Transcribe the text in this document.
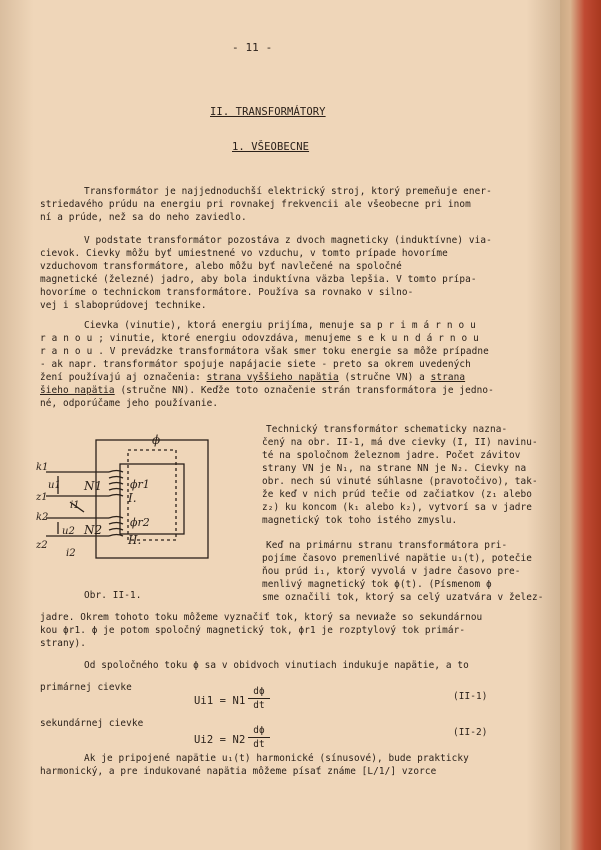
- 11 -
II. TRANSFORMÁTORY
1. VŠEOBECNE
Transformátor je najjednoduchší elektrický stroj, ktorý premeňuje ener-
striedavého prúdu na energiu pri rovnakej frekvencii ale všeobecne pri inom
ní a prúde, než sa do neho zaviedlo.
V podstate transformátor pozostáva z dvoch magneticky (induktívne) via-
cievok. Cievky môžu byť umiestnené vo vzduchu, v tomto prípade hovoríme
vzduchovom transformátore, alebo môžu byť navlečené na spoločné
magnetické (železné) jadro, aby bola induktívna väzba lepšia. V tomto prípa-
hovoríme o technickom transformátore. Používa sa rovnako v silno-
vej i slaboprúdovej technike.
Cievka (vinutie), ktorá energiu prijíma, menuje sa primárnou
ranou; vinutie, ktoré energiu odovzdáva, menujeme sekundárnou
ranou. V prevádzke transformátora však smer toku energie sa môže prípadne
- ak napr. transformátor spojuje napájacie siete - preto sa okrem uvedených
žení používajú aj označenia: strana vyššieho napätia (stručne VN) a strana
šieho napätia (stručne NN). Keďže toto označenie strán transformátora je jedno-
né, odporúčame jeho používanie.
ϕ
ϕr1
ϕr2
I.
II.
N1
N2
k1
z1
k2
z2
u1
i1
u2
i2
Obr. II-1.
Technický transformátor schematicky nazna-
čený na obr. II-1, má dve cievky (I, II) navinu-
té na spoločnom železnom jadre. Počet závitov
strany VN je N₁, na strane NN je N₂. Cievky na
obr. nech sú vinuté súhlasne (pravotočivo), tak-
že keď v nich prúd tečie od začiatkov (z₁ alebo
z₂) ku koncom (k₁ alebo k₂), vytvorí sa v jadre
magnetický tok toho istého zmyslu.
Keď na primárnu stranu transformátora pri-
pojíme časovo premenlivé napätie u₁(t), potečie
ňou prúd i₁, ktorý vyvolá v jadre časovo pre-
menlivý magnetický tok ϕ(t). (Písmenom ϕ
sme označili tok, ktorý sa celý uzatvára v želez-
jadre. Okrem tohoto toku môžeme vyznačiť tok, ktorý sa nevиaže so sekundárnou
kou ϕr1. ϕ je potom spoločný magnetický tok, ϕr1 je rozptylový tok primár-
strany).
Od spoločného toku ϕ sa v obidvoch vinutiach indukuje napätie, a to
primárnej cievke
Ui1 = N1
dϕ
dt
(II-1)
sekundárnej cievke
Ui2 = N2
dϕ
dt
(II-2)
Ak je pripojené napätie u₁(t) harmonické (sínusové), bude prakticky
harmonický, a pre indukované napätia môžeme písať známe [L/1/] vzorce
